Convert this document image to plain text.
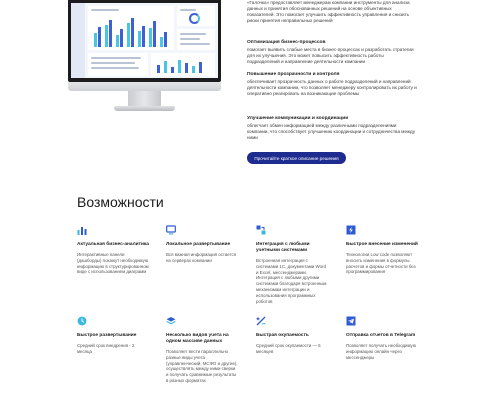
«Галочка» предоставляет менеджерам компании инструменты для анализа данных и принятия обоснованных решений на основе объективных показателей. Это помогает улучшить эффективность управления и снизить риски принятия неправильных решений
Оптимизация бизнес-процессов
помогает выявить слабые места в бизнес-процессах и разработать стратегии для их улучшения. Это может повысить эффективность работы подразделений и направление деятельности компании
Повышение прозрачности и контроля
обеспечивает прозрачность данных о работе подразделений и направлений деятельности компании, что позволяет менеджеру контролировать их работу и оперативно реагировать на возникающие проблемы
Улучшение коммуникации и координации
облегчает обмен информацией между различными подразделениями компании, что способствует улучшению координации и сотрудничества между ними
Прочитайте краткое описание решения
Возможности
Актуальная бизнес-аналитика
Интерактивные панели (дашборды) покажут необходимую информацию в структурированном виде с использованием диаграмм
Локальное развертывание
Вся важная информация остается на серверах компании
Интеграция с любыми учетными системами
Встроенная интеграция с системами 1С, документами Word и Excel, мессенджерами. Интеграция с любыми другими системами благодаря встроенным механизмам интеграции и использования программных роботов
Быстрое внесение изменений
Технологии Low code позволяют вносить изменения в формулы расчетов и формы отчетности без программирования
Быстрое развертывание
Средний срок внедрения - 2 месяца
Несколько видов учета на одном массиве данных
Позволяет вести параллельно разные виды учета (управленческий, МСФО и другие), осуществлять между ними сверки и получать сравнимые результаты в разных форматах
Быстрая окупаемость
Средний срок окупаемости — 6 месяцев
Отправка отчетов в Telegram
Позволяет получать необходимую информацию онлайн через мессенджеры
